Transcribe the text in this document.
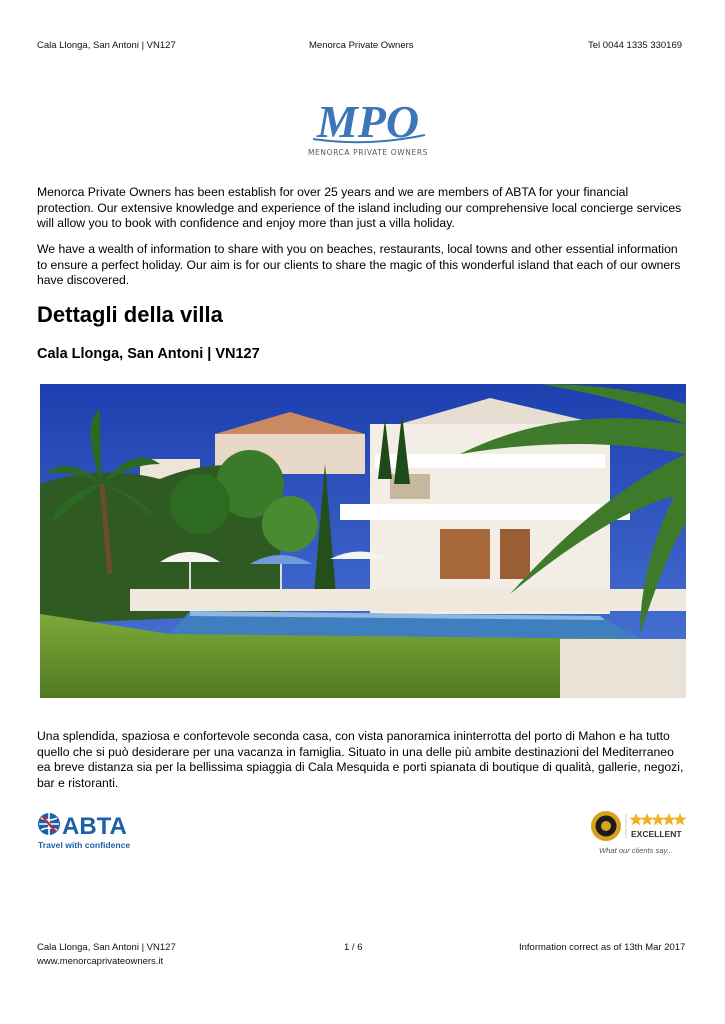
Cala Llonga, San Antoni | VN127	Menorca Private Owners	Tel 0044 1335 330169
MPO
MENORCA PRIVATE OWNERS

Menorca Private Owners has been establish for over 25 years and we are members of ABTA for your financial protection. Our extensive knowledge and experience of the island including our comprehensive local concierge services will allow you to book with confidence and enjoy more than just a villa holiday.

We have a wealth of information to share with you on beaches, restaurants, local towns and other essential information to ensure a perfect holiday. Our aim is for our clients to share the magic of this wonderful island that each of our owners have discovered.

Dettagli della villa
Cala Llonga, San Antoni | VN127

Una splendida, spaziosa e confortevole seconda casa, con vista panoramica ininterrotta del porto di Mahon e ha tutto quello che si può desiderare per una vacanza in famiglia. Situato in una delle più ambite destinazioni del Mediterraneo ea breve distanza sia per la bellissima spiaggia di Cala Mesquida e porti spianata di boutique di qualità, gallerie, negozi, bar e ristoranti.

ABTA
Travel with confidence
EXCELLENT
What our clients say...
Cala Llonga, San Antoni | VN127
www.menorcaprivateowners.it
1 / 6	Information correct as of 13th Mar 2017
